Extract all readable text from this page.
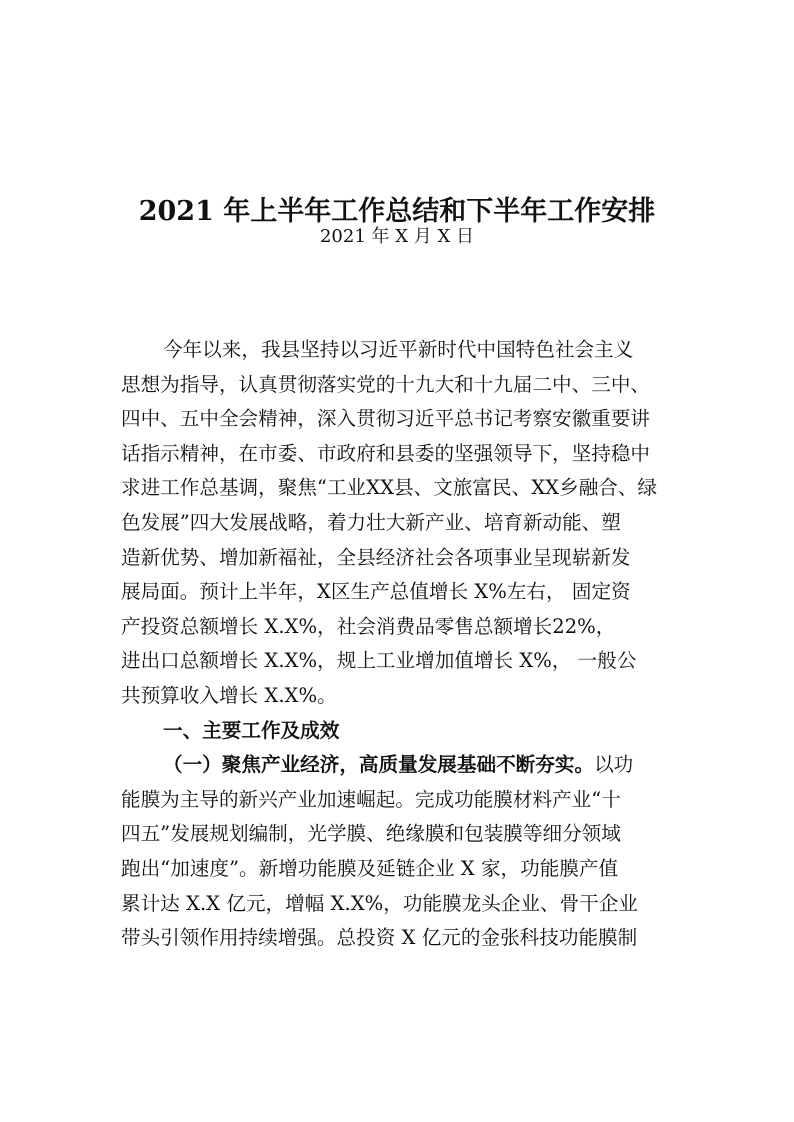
2021 年上半年工作总结和下半年工作安排
2021 年 X 月 X 日
今年以来，我县坚持以习近平新时代中国特色社会主义
思想为指导，认真贯彻落实党的十九大和十九届二中、三中、
四中、五中全会精神，深入贯彻习近平总书记考察安徽重要讲
话指示精神，在市委、市政府和县委的坚强领导下，坚持稳中
求进工作总基调，聚焦“工业XX县、文旅富民、XX乡融合、绿
色发展”四大发展战略，着力壮大新产业、培育新动能、塑
造新优势、增加新福祉，全县经济社会各项事业呈现崭新发
展局面。预计上半年，X区生产总值增长 X%左右， 固定资
产投资总额增长 X.X%，社会消费品零售总额增长22%，
进出口总额增长 X.X%，规上工业增加值增长 X%， 一般公
共预算收入增长 X.X%。
一、主要工作及成效
（一）聚焦产业经济，高质量发展基础不断夯实。以功
能膜为主导的新兴产业加速崛起。完成功能膜材料产业“十
四五”发展规划编制，光学膜、绝缘膜和包装膜等细分领域
跑出“加速度”。新增功能膜及延链企业 X 家，功能膜产值
累计达 X.X 亿元，增幅 X.X%，功能膜龙头企业、骨干企业
带头引领作用持续增强。总投资 X 亿元的金张科技功能膜制
